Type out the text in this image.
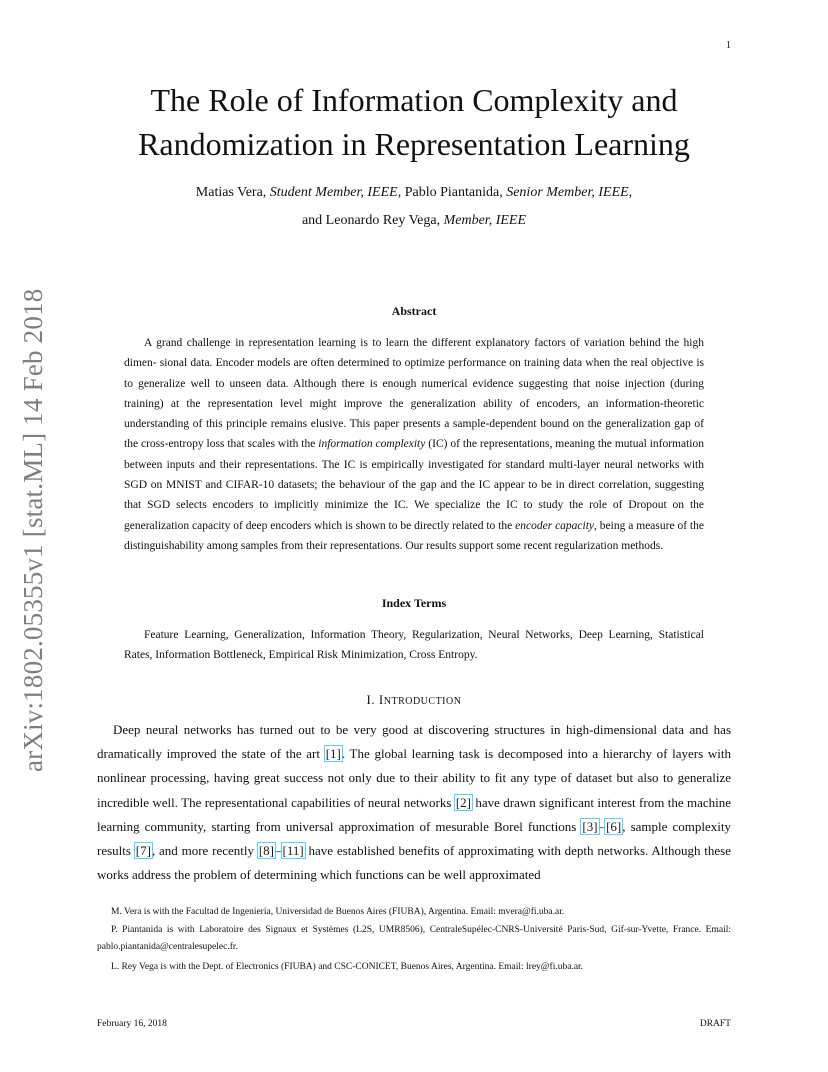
1
arXiv:1802.05355v1 [stat.ML] 14 Feb 2018
The Role of Information Complexity and
Randomization in Representation Learning
Matias Vera, Student Member, IEEE, Pablo Piantanida, Senior Member, IEEE,
and Leonardo Rey Vega, Member, IEEE
Abstract
A grand challenge in representation learning is to learn the different explanatory factors of variation behind the high dimen- sional data. Encoder models are often determined to optimize performance on training data when the real objective is to generalize well to unseen data. Although there is enough numerical evidence suggesting that noise injection (during training) at the representation level might improve the generalization ability of encoders, an information-theoretic understanding of this principle remains elusive. This paper presents a sample-dependent bound on the generalization gap of the cross-entropy loss that scales with the information complexity (IC) of the representations, meaning the mutual information between inputs and their representations. The IC is empirically investigated for standard multi-layer neural networks with SGD on MNIST and CIFAR-10 datasets; the behaviour of the gap and the IC appear to be in direct correlation, suggesting that SGD selects encoders to implicitly minimize the IC. We specialize the IC to study the role of Dropout on the generalization capacity of deep encoders which is shown to be directly related to the encoder capacity, being a measure of the distinguishability among samples from their representations. Our results support some recent regularization methods.
Index Terms
Feature Learning, Generalization, Information Theory, Regularization, Neural Networks, Deep Learning, Statistical Rates, Information Bottleneck, Empirical Risk Minimization, Cross Entropy.
I. INTRODUCTION
Deep neural networks has turned out to be very good at discovering structures in high-dimensional data and has dramatically improved the state of the art [1]. The global learning task is decomposed into a hierarchy of layers with nonlinear processing, having great success not only due to their ability to fit any type of dataset but also to generalize incredible well. The representational capabilities of neural networks [2] have drawn significant interest from the machine learning community, starting from universal approximation of mesurable Borel functions [3]–[6], sample complexity results [7], and more recently [8]–[11] have established benefits of approximating with depth networks. Although these works address the problem of determining which functions can be well approximated
M. Vera is with the Facultad de Ingeniería, Universidad de Buenos Aires (FIUBA), Argentina. Email: mvera@fi.uba.ar.
P. Piantanida is with Laboratoire des Signaux et Systèmes (L2S, UMR8506), CentraleSupélec-CNRS-Université Paris-Sud, Gif-sur-Yvette, France. Email: pablo.piantanida@centralesupelec.fr.
L. Rey Vega is with the Dept. of Electronics (FIUBA) and CSC-CONICET, Buenos Aires, Argentina. Email: lrey@fi.uba.ar.
February 16, 2018	DRAFT
